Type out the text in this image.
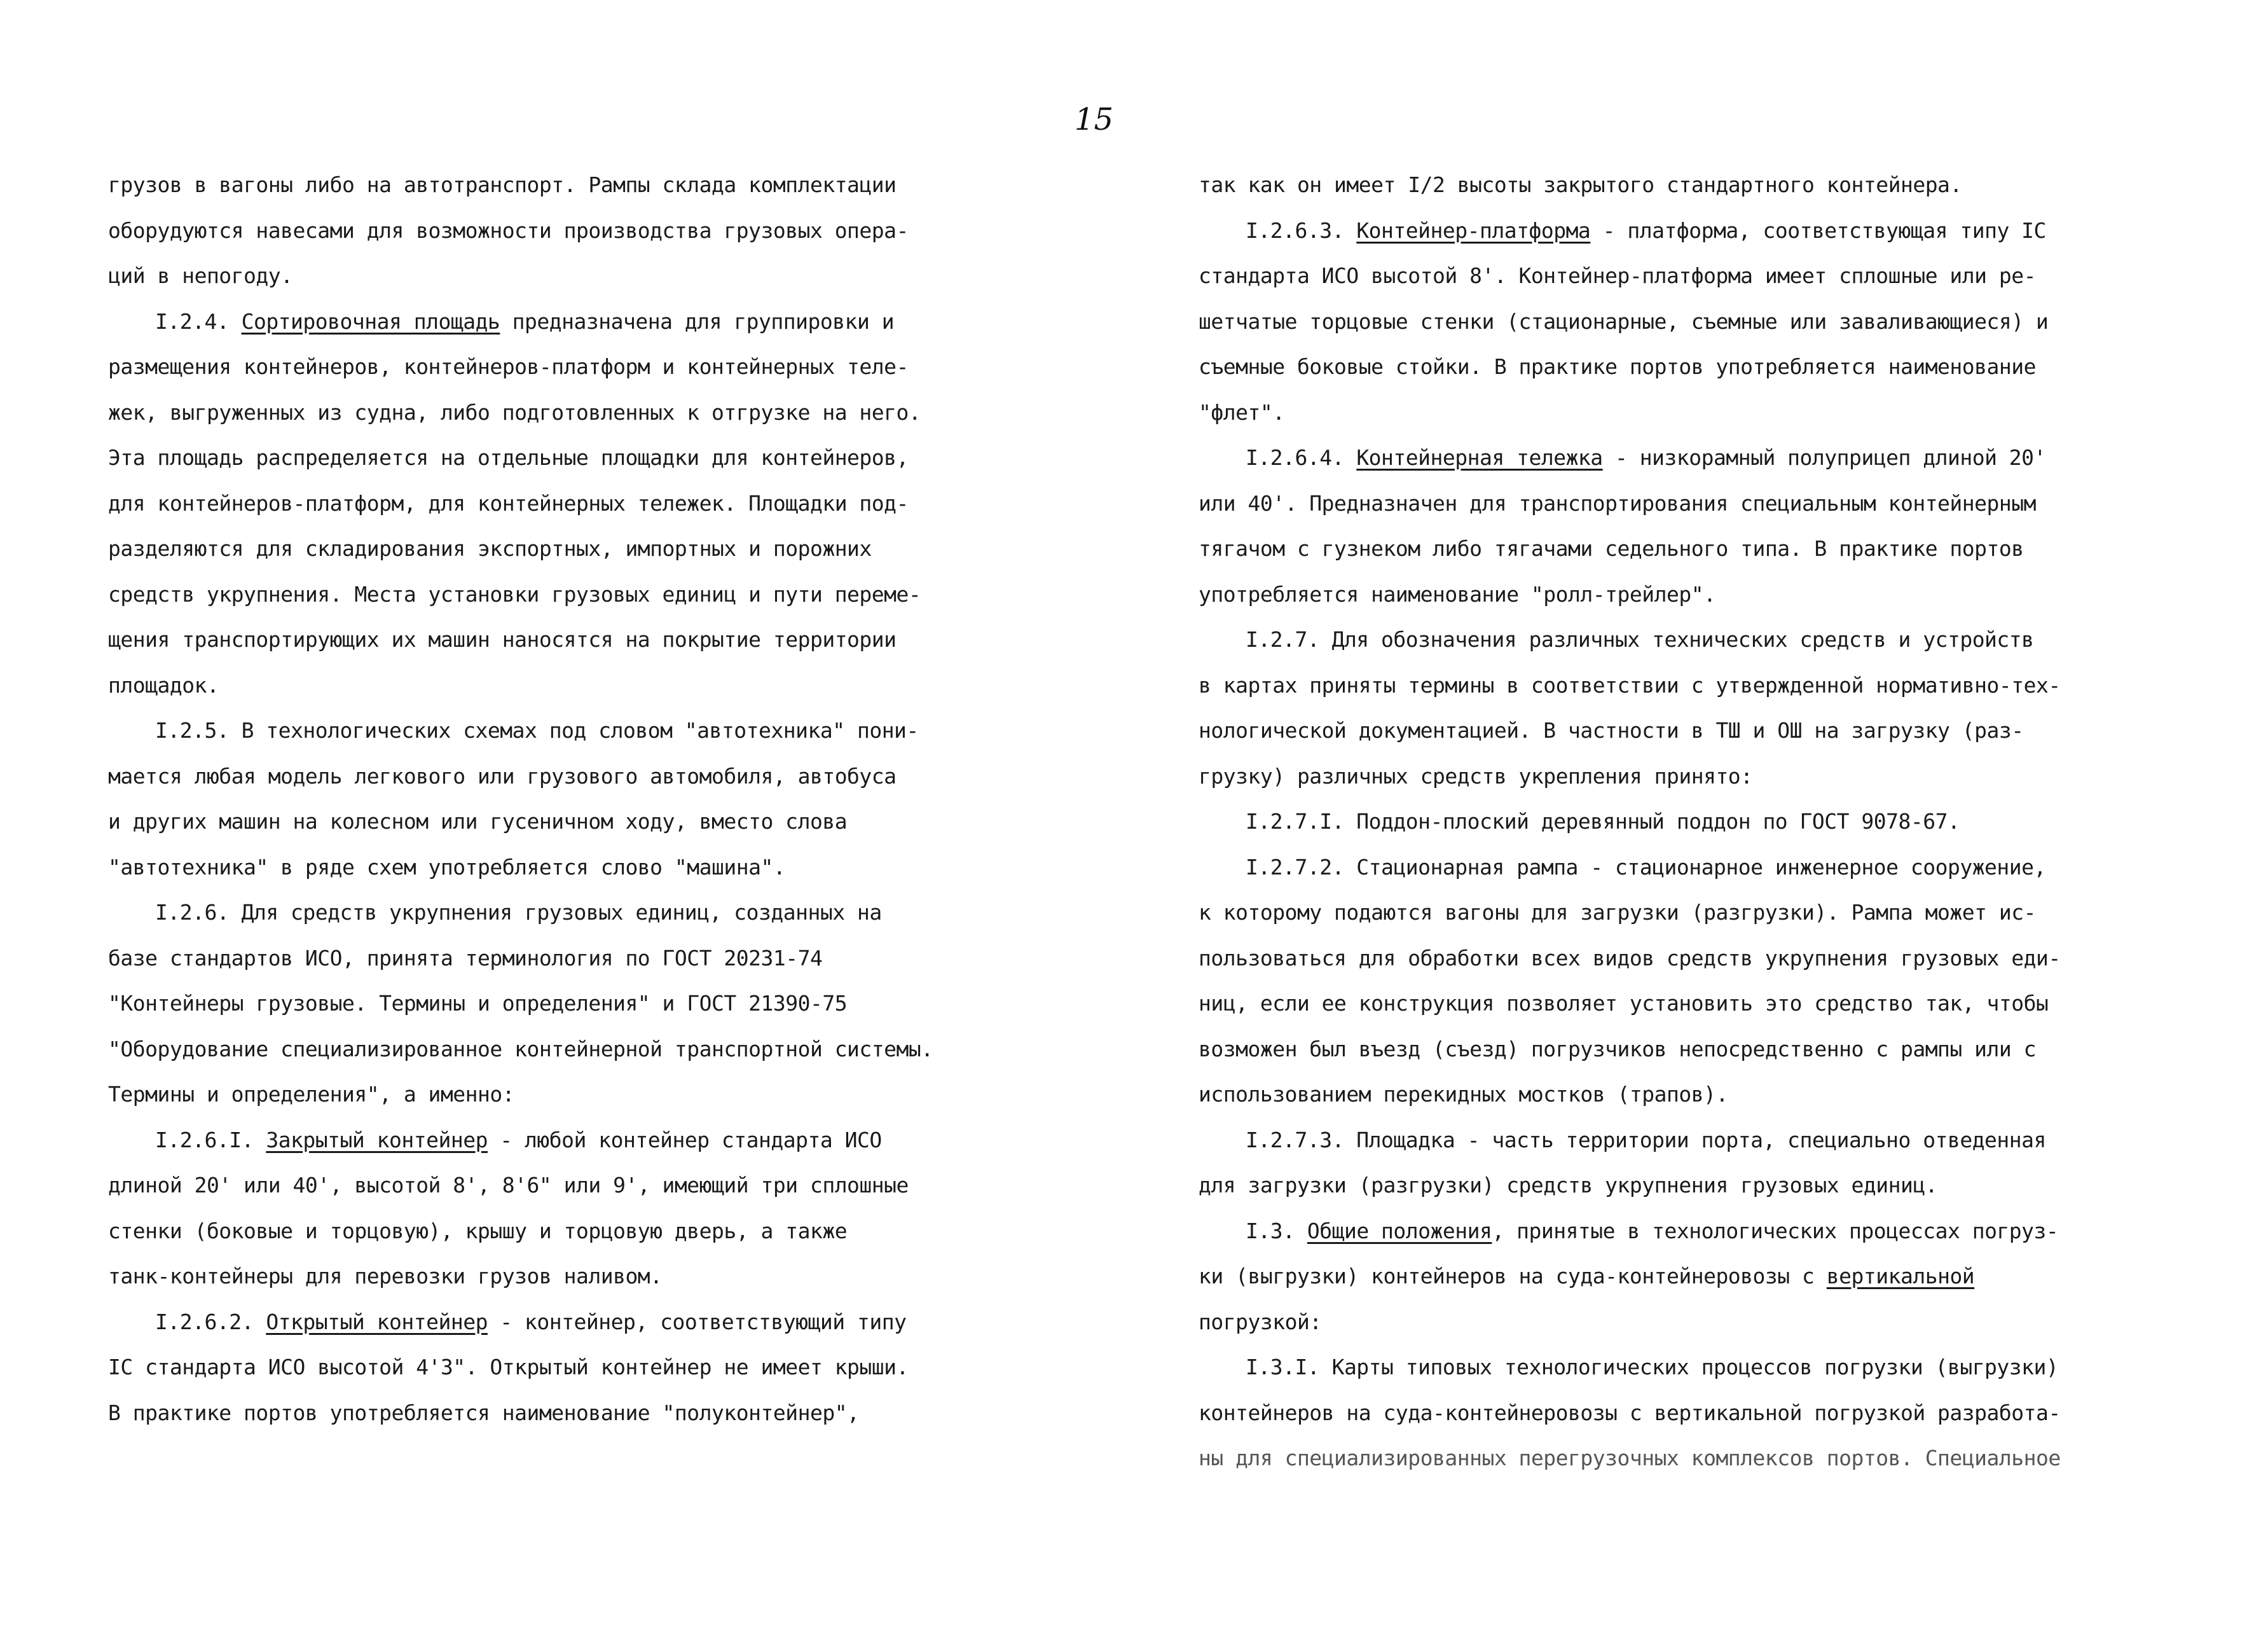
15
грузов в вагоны либо на автотранспорт. Рампы склада комплектации
оборудуются навесами для возможности производства грузовых опера-
ций в непогоду.
I.2.4. Сортировочная площадь предназначена для группировки и
размещения контейнеров, контейнеров-платформ и контейнерных теле-
жек, выгруженных из судна, либо подготовленных к отгрузке на него.
Эта площадь распределяется на отдельные площадки для контейнеров,
для контейнеров-платформ, для контейнерных тележек. Площадки под-
разделяются для складирования экспортных, импортных и порожних
средств укрупнения. Места установки грузовых единиц и пути переме-
щения транспортирующих их машин наносятся на покрытие территории
площадок.
I.2.5. В технологических схемах под словом "автотехника" пони-
мается любая модель легкового или грузового автомобиля, автобуса
и других машин на колесном или гусеничном ходу, вместо слова
"автотехника" в ряде схем употребляется слово "машина".
I.2.6. Для средств укрупнения грузовых единиц, созданных на
базе стандартов ИСО, принята терминология по ГОСТ 20231-74
"Контейнеры грузовые. Термины и определения" и ГОСТ 21390-75
"Оборудование специализированное контейнерной транспортной системы.
Термины и определения", а именно:
I.2.6.I. Закрытый контейнер - любой контейнер стандарта ИСО
длиной 20' или 40', высотой 8', 8'6" или 9', имеющий три сплошные
стенки (боковые и торцовую), крышу и торцовую дверь, а также
танк-контейнеры для перевозки грузов наливом.
I.2.6.2. Открытый контейнер - контейнер, соответствующий типу
IC стандарта ИСО высотой 4'3". Открытый контейнер не имеет крыши.
В практике портов употребляется наименование "полуконтейнер",
так как он имеет I/2 высоты закрытого стандартного контейнера.
I.2.6.3. Контейнер-платформа - платформа, соответствующая типу IC
стандарта ИСО высотой 8'. Контейнер-платформа имеет сплошные или ре-
шетчатые торцовые стенки (стационарные, съемные или заваливающиеся) и
съемные боковые стойки. В практике портов употребляется наименование
"флет".
I.2.6.4. Контейнерная тележка - низкорамный полуприцеп длиной 20'
или 40'. Предназначен для транспортирования специальным контейнерным
тягачом с гузнеком либо тягачами седельного типа. В практике портов
употребляется наименование "ролл-трейлер".
I.2.7. Для обозначения различных технических средств и устройств
в картах приняты термины в соответствии с утвержденной нормативно-тех-
нологической документацией. В частности в ТШ и ОШ на загрузку (раз-
грузку) различных средств укрепления принято:
I.2.7.I. Поддон-плоский деревянный поддон по ГОСТ 9078-67.
I.2.7.2. Стационарная рампа - стационарное инженерное сооружение,
к которому подаются вагоны для загрузки (разгрузки). Рампа может ис-
пользоваться для обработки всех видов средств укрупнения грузовых еди-
ниц, если ее конструкция позволяет установить это средство так, чтобы
возможен был въезд (съезд) погрузчиков непосредственно с рампы или с
использованием перекидных мостков (трапов).
I.2.7.3. Площадка - часть территории порта, специально отведенная
для загрузки (разгрузки) средств укрупнения грузовых единиц.
I.3. Общие положения, принятые в технологических процессах погруз-
ки (выгрузки) контейнеров на суда-контейнеровозы с вертикальной
погрузкой:
I.3.I. Карты типовых технологических процессов погрузки (выгрузки)
контейнеров на суда-контейнеровозы с вертикальной погрузкой разработа-
ны для специализированных перегрузочных комплексов портов. Специальное
